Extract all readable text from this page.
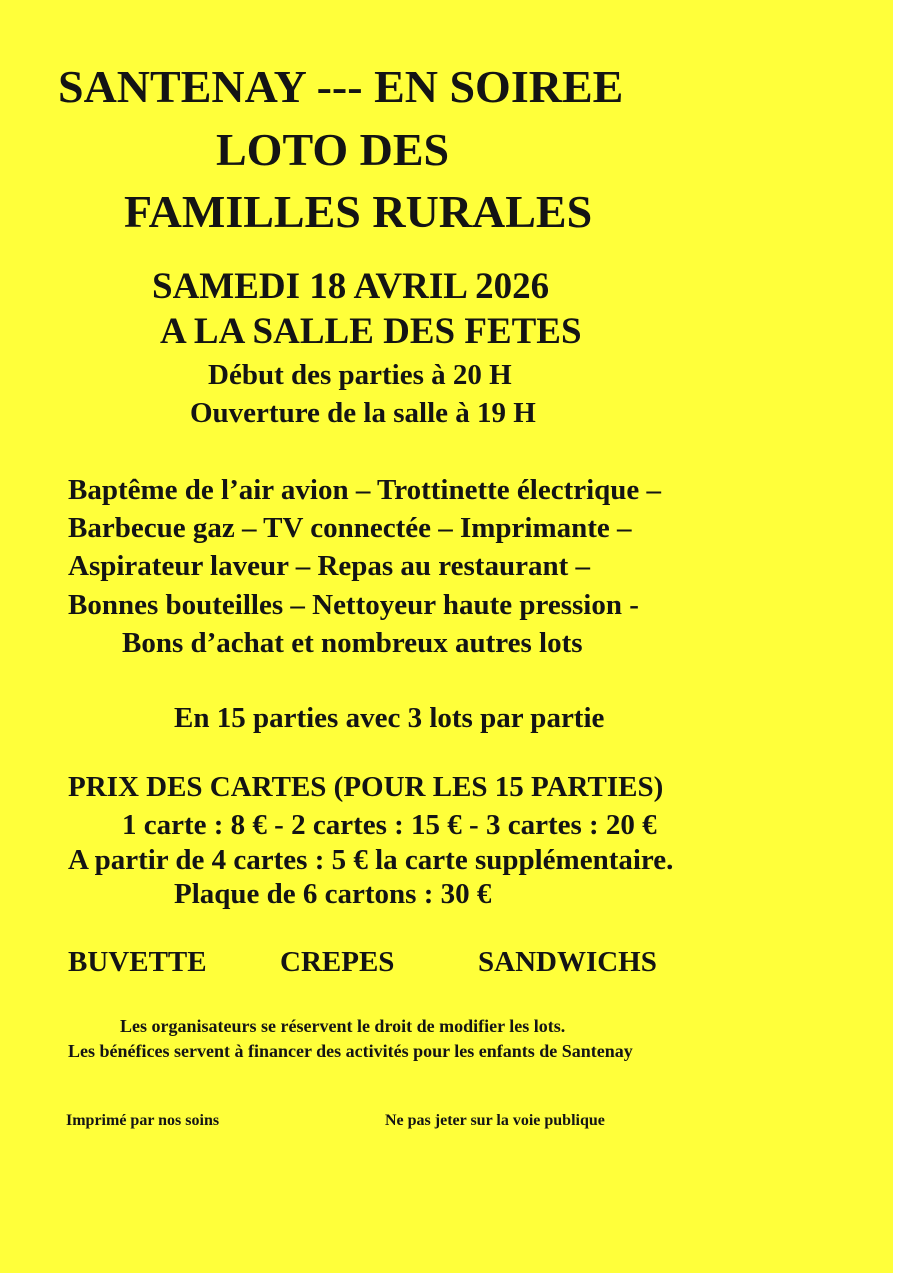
SANTENAY --- EN SOIREE
LOTO DES
FAMILLES RURALES
SAMEDI 18 AVRIL 2026
A LA SALLE DES FETES
Début des parties à 20 H
Ouverture de la salle à 19 H
Baptême de l’air avion – Trottinette électrique –
Barbecue gaz – TV connectée – Imprimante –
Aspirateur laveur – Repas au restaurant –
Bonnes bouteilles – Nettoyeur haute pression -
Bons d’achat et nombreux autres lots
En 15 parties avec 3 lots par partie
PRIX DES CARTES (POUR LES 15 PARTIES)
1 carte : 8 € - 2 cartes : 15 € - 3 cartes : 20 €
A partir de 4 cartes : 5 € la carte supplémentaire.
Plaque de 6 cartons : 30 €
BUVETTE	CREPES	SANDWICHS
Les organisateurs se réservent le droit de modifier les lots.
Les bénéfices servent à financer des activités pour les enfants de Santenay
Imprimé par nos soins	Ne pas jeter sur la voie publique
